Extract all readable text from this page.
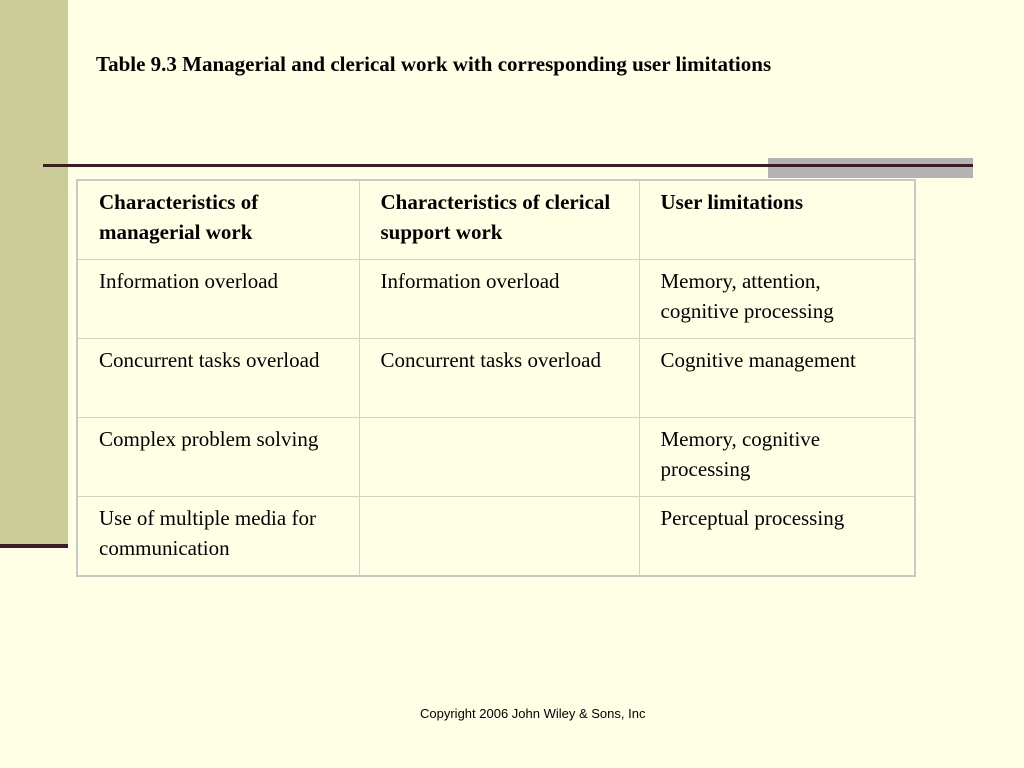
Table 9.3 Managerial and clerical work with corresponding user limitations
Characteristics of managerial work	Characteristics of clerical support work	User limitations
Information overload	Information overload	Memory, attention, cognitive processing
Concurrent tasks overload	Concurrent tasks overload	Cognitive management
Complex problem solving		Memory, cognitive processing
Use of multiple media for communication		Perceptual processing
Copyright 2006 John Wiley & Sons, Inc
